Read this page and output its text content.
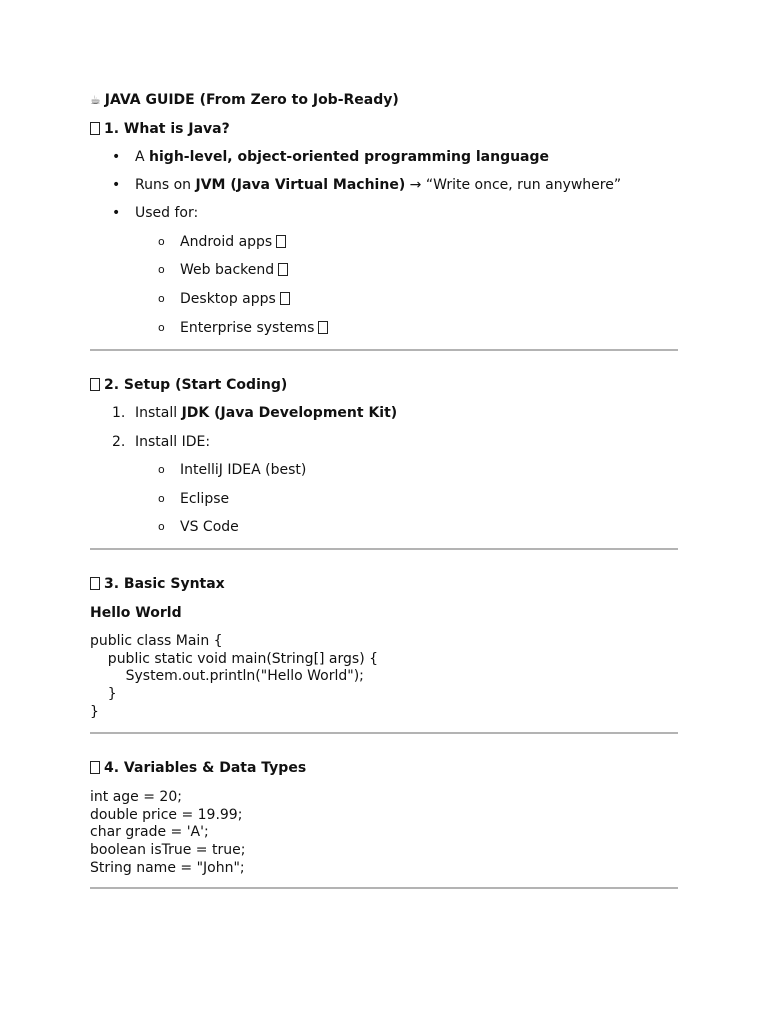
☕ JAVA GUIDE (From Zero to Job-Ready)
1. What is Java?
• A high-level, object-oriented programming language
• Runs on JVM (Java Virtual Machine) → “Write once, run anywhere”
• Used for:
o Android apps
o Web backend
o Desktop apps
o Enterprise systems
2. Setup (Start Coding)
1. Install JDK (Java Development Kit)
2. Install IDE:
o IntelliJ IDEA (best)
o Eclipse
o VS Code
3. Basic Syntax
Hello World
public class Main {
public static void main(String[] args) {
System.out.println("Hello World");
}
}
4. Variables & Data Types
int age = 20;
double price = 19.99;
char grade = 'A';
boolean isTrue = true;
String name = "John";
